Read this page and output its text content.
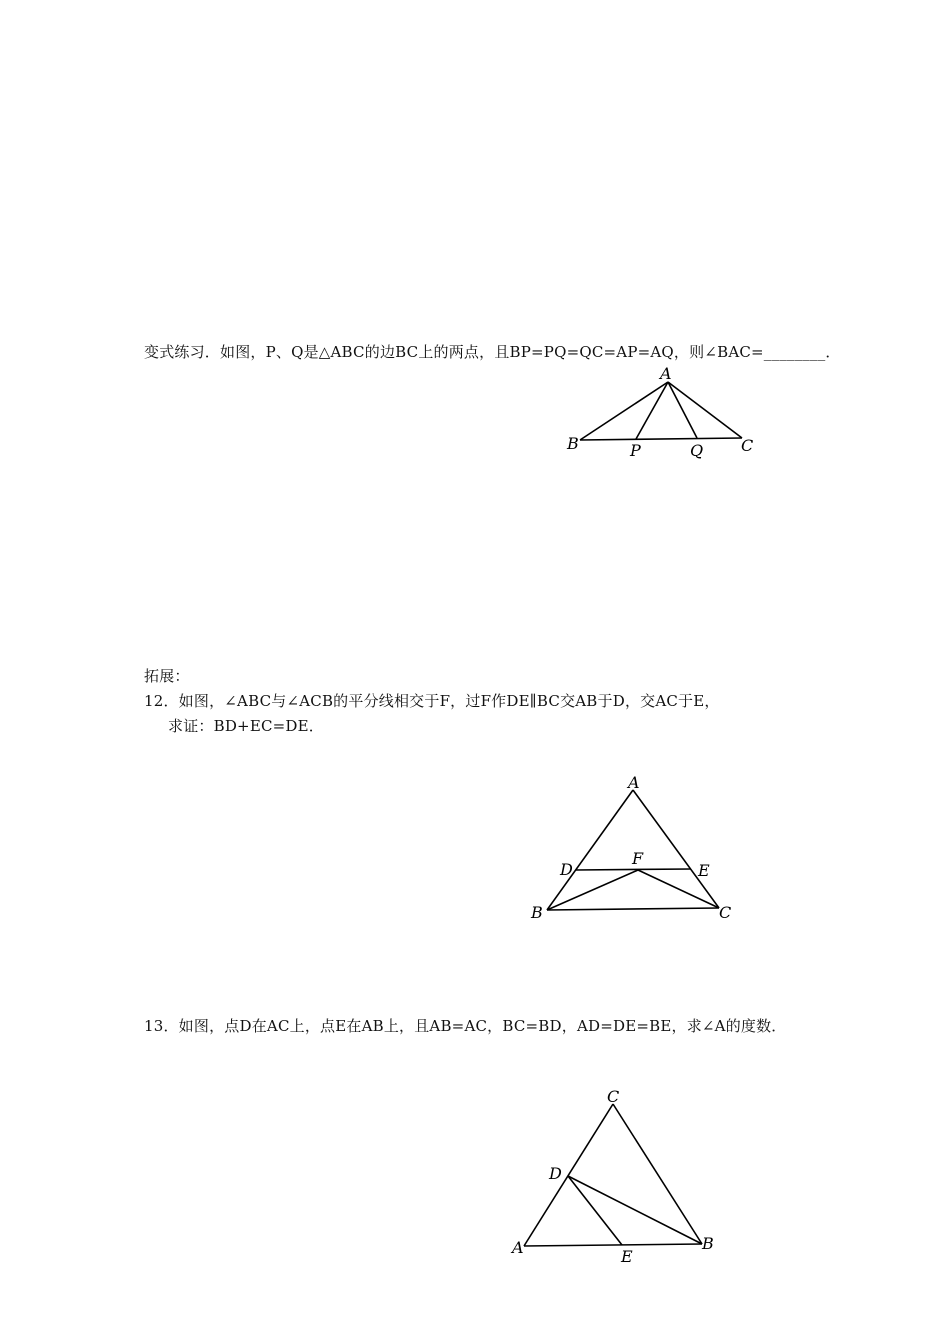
变式练习．如图，P、Q是△ABC的边BC上的两点，且BP=PQ=QC=AP=AQ，则∠BAC=________．
A
B	P	Q C
拓展：
12．如图，∠ABC与∠ACB的平分线相交于F，过F作DE∥BC交AB于D，交AC于E，
求证：BD+EC=DE．
A
D
F
E
B	C
13．如图，点D在AC上，点E在AB上，且AB=AC，BC=BD，AD=DE=BE，求∠A的度数．
C
D
A	E
B
